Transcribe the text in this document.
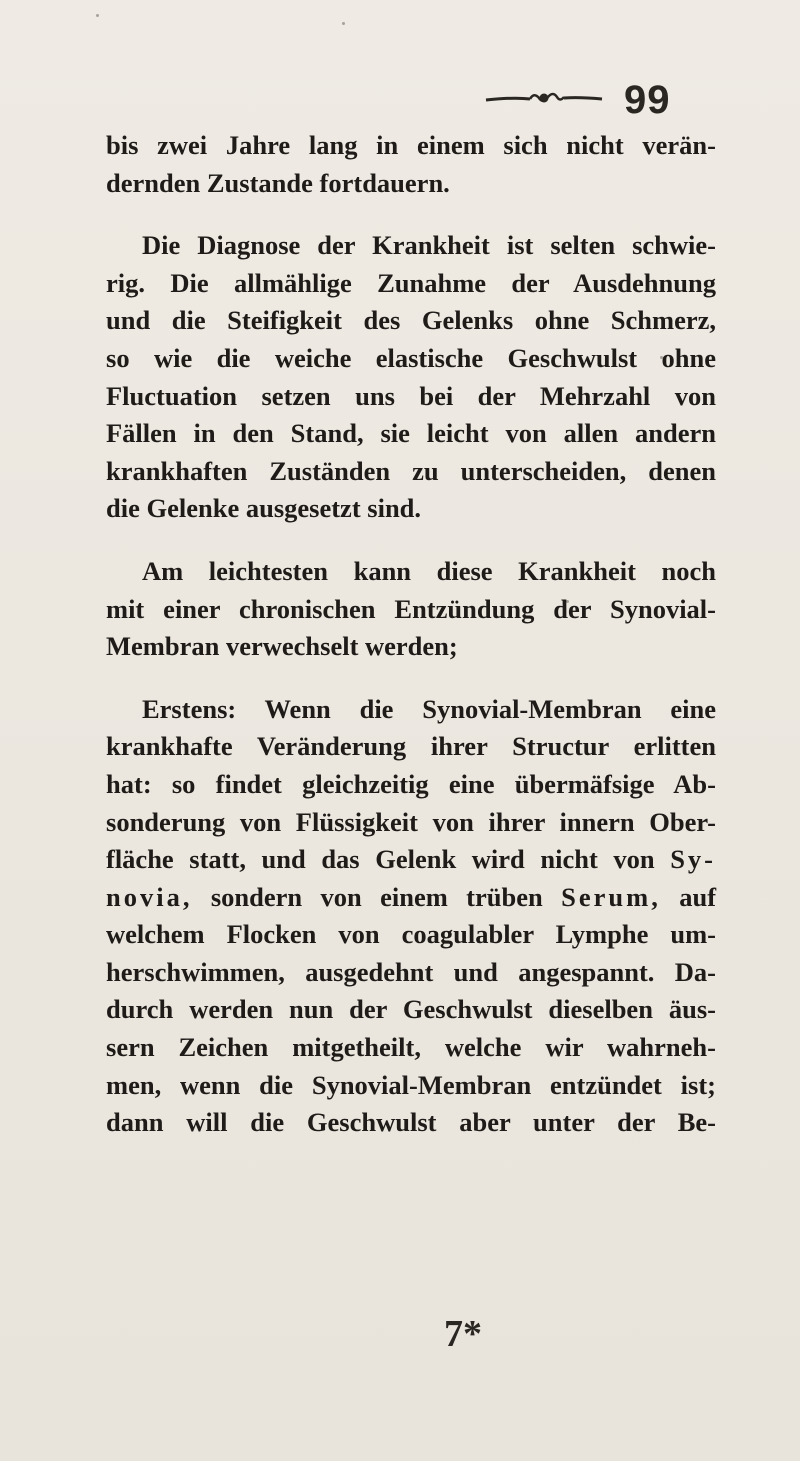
99
bis zwei Jahre lang in einem sich nicht verän-
dernden Zustande fortdauern.
Die Diagnose der Krankheit ist selten schwie-
rig. Die allmählige Zunahme der Ausdehnung
und die Steifigkeit des Gelenks ohne Schmerz,
so wie die weiche elastische Geschwulst ohne
Fluctuation setzen uns bei der Mehrzahl von
Fällen in den Stand, sie leicht von allen andern
krankhaften Zuständen zu unterscheiden, denen
die Gelenke ausgesetzt sind.
Am leichtesten kann diese Krankheit noch
mit einer chronischen Entzündung der Synovial-
Membran verwechselt werden;
Erstens: Wenn die Synovial-Membran eine
krankhafte Veränderung ihrer Structur erlitten
hat: so findet gleichzeitig eine übermäfsige Ab-
sonderung von Flüssigkeit von ihrer innern Ober-
fläche statt, und das Gelenk wird nicht von Sy-
novia, sondern von einem trüben Serum, auf
welchem Flocken von coagulabler Lymphe um-
herschwimmen, ausgedehnt und angespannt. Da-
durch werden nun der Geschwulst dieselben äus-
sern Zeichen mitgetheilt, welche wir wahrneh-
men, wenn die Synovial-Membran entzündet ist;
dann will die Geschwulst aber unter der Be-
7*
